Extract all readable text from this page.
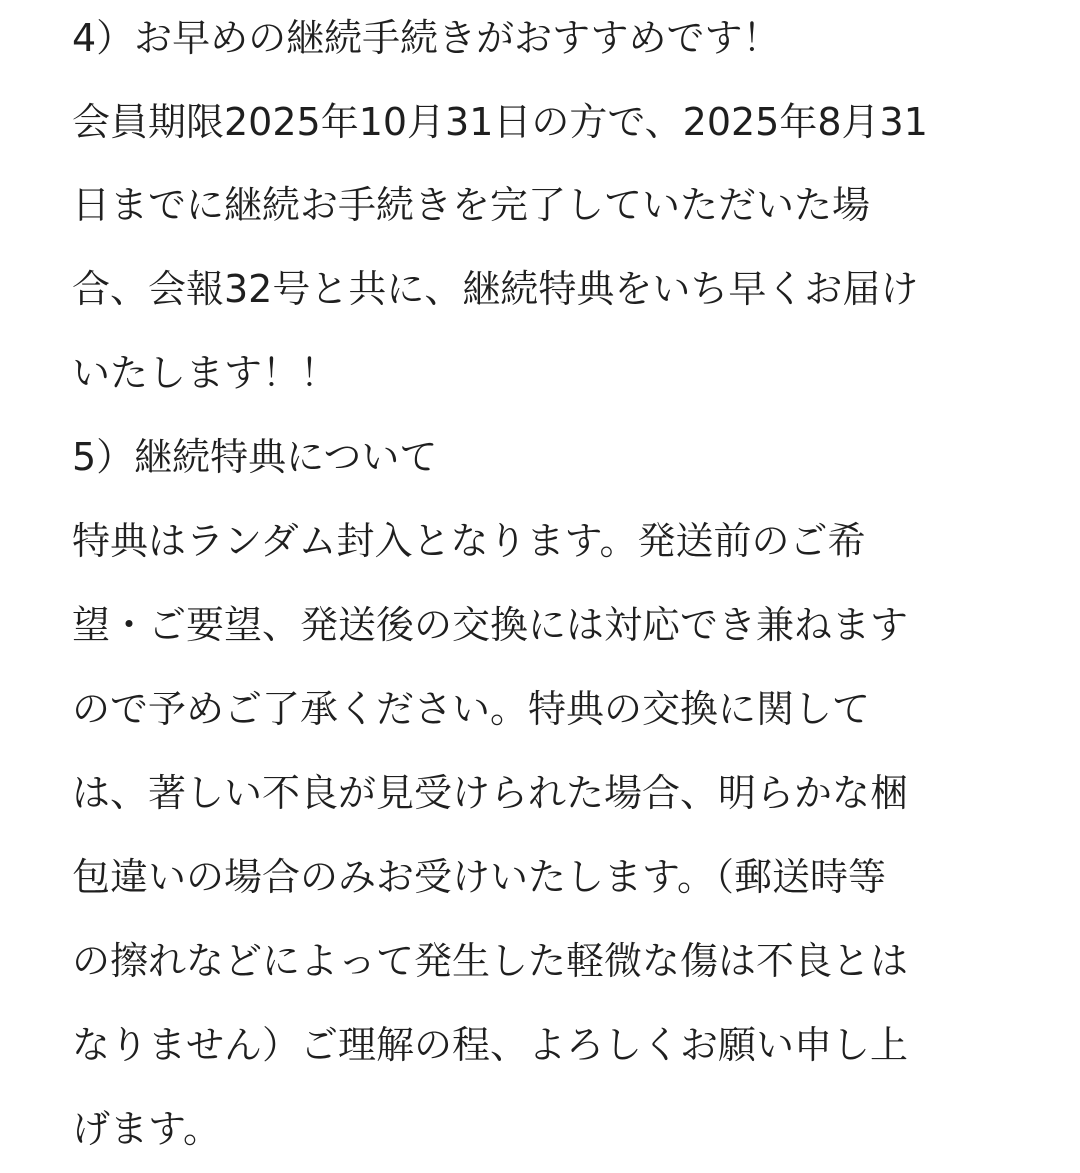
4）お早めの継続手続きがおすすめです！
会員期限2025年10月31日の方で、2025年8月31
日までに継続お手続きを完了していただいた場
合、会報32号と共に、継続特典をいち早くお届け
いたします！！
5）継続特典について
特典はランダム封入となります。発送前のご希
望・ご要望、発送後の交換には対応でき兼ねます
ので予めご了承ください。特典の交換に関して
は、著しい不良が見受けられた場合、明らかな梱
包違いの場合のみお受けいたします。（郵送時等
の擦れなどによって発生した軽微な傷は不良とは
なりません）ご理解の程、よろしくお願い申し上
げます。
